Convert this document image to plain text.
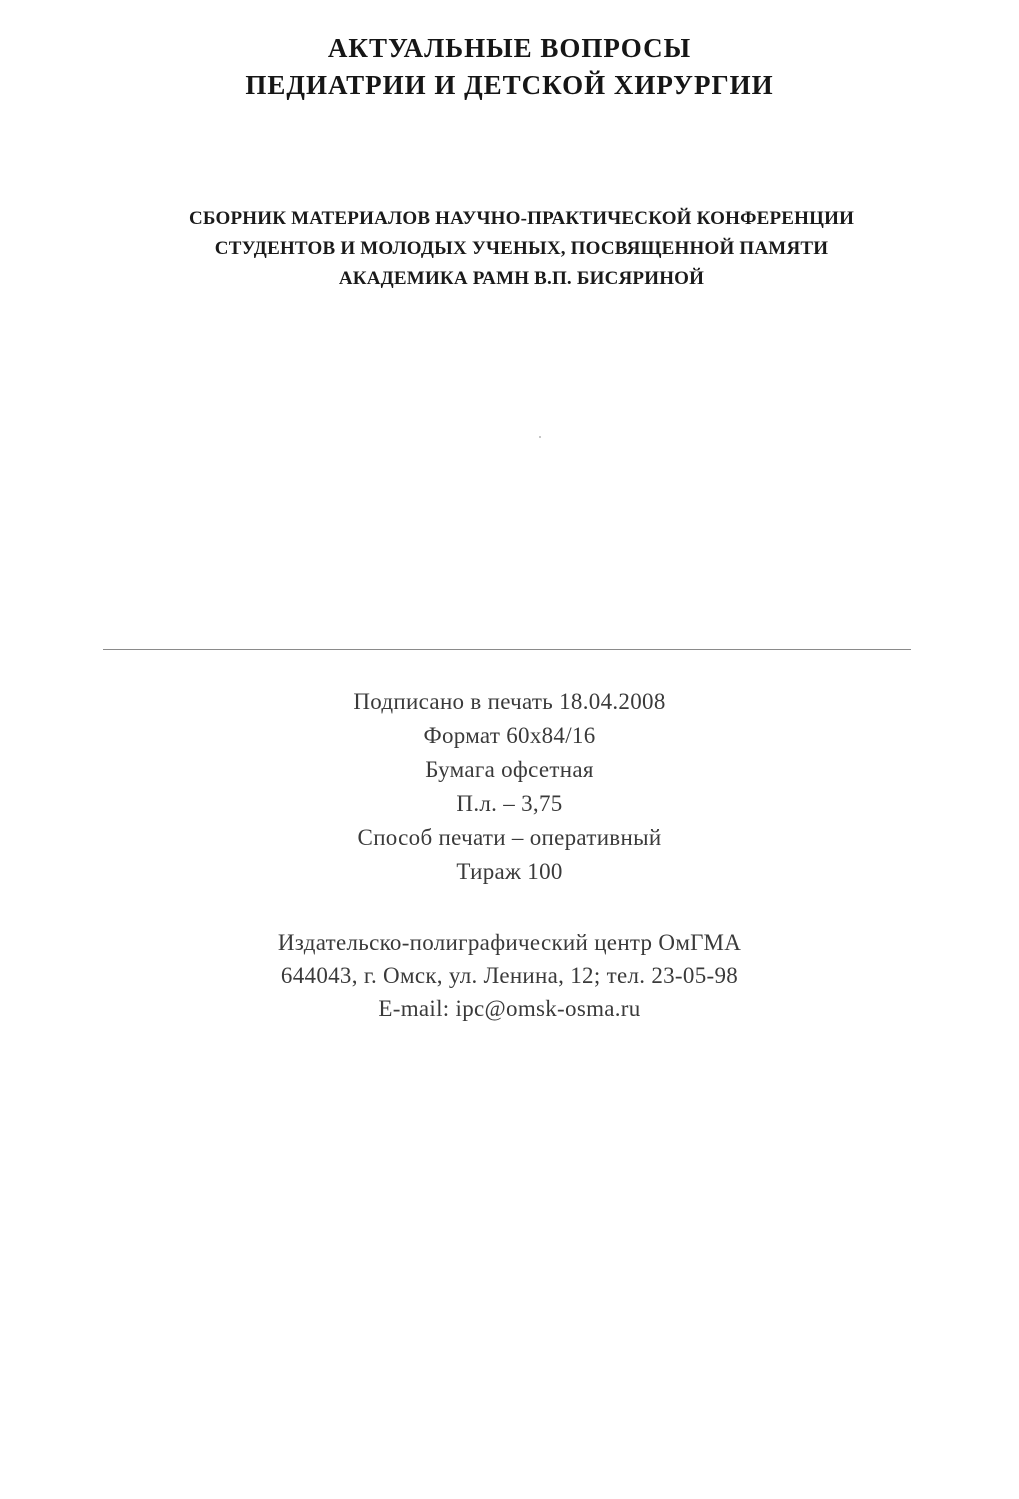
АКТУАЛЬНЫЕ ВОПРОСЫ
ПЕДИАТРИИ И ДЕТСКОЙ ХИРУРГИИ
СБОРНИК МАТЕРИАЛОВ НАУЧНО-ПРАКТИЧЕСКОЙ КОНФЕРЕНЦИИ
СТУДЕНТОВ И МОЛОДЫХ УЧЕНЫХ, ПОСВЯЩЕННОЙ ПАМЯТИ
АКАДЕМИКА РАМН В.П. БИСЯРИНОЙ
Подписано в печать 18.04.2008
Формат 60х84/16
Бумага офсетная
П.л. – 3,75
Способ печати – оперативный
Тираж 100
Издательско-полиграфический центр ОмГМА
644043, г. Омск, ул. Ленина, 12; тел. 23-05-98
E-mail: ipc@omsk-osma.ru
